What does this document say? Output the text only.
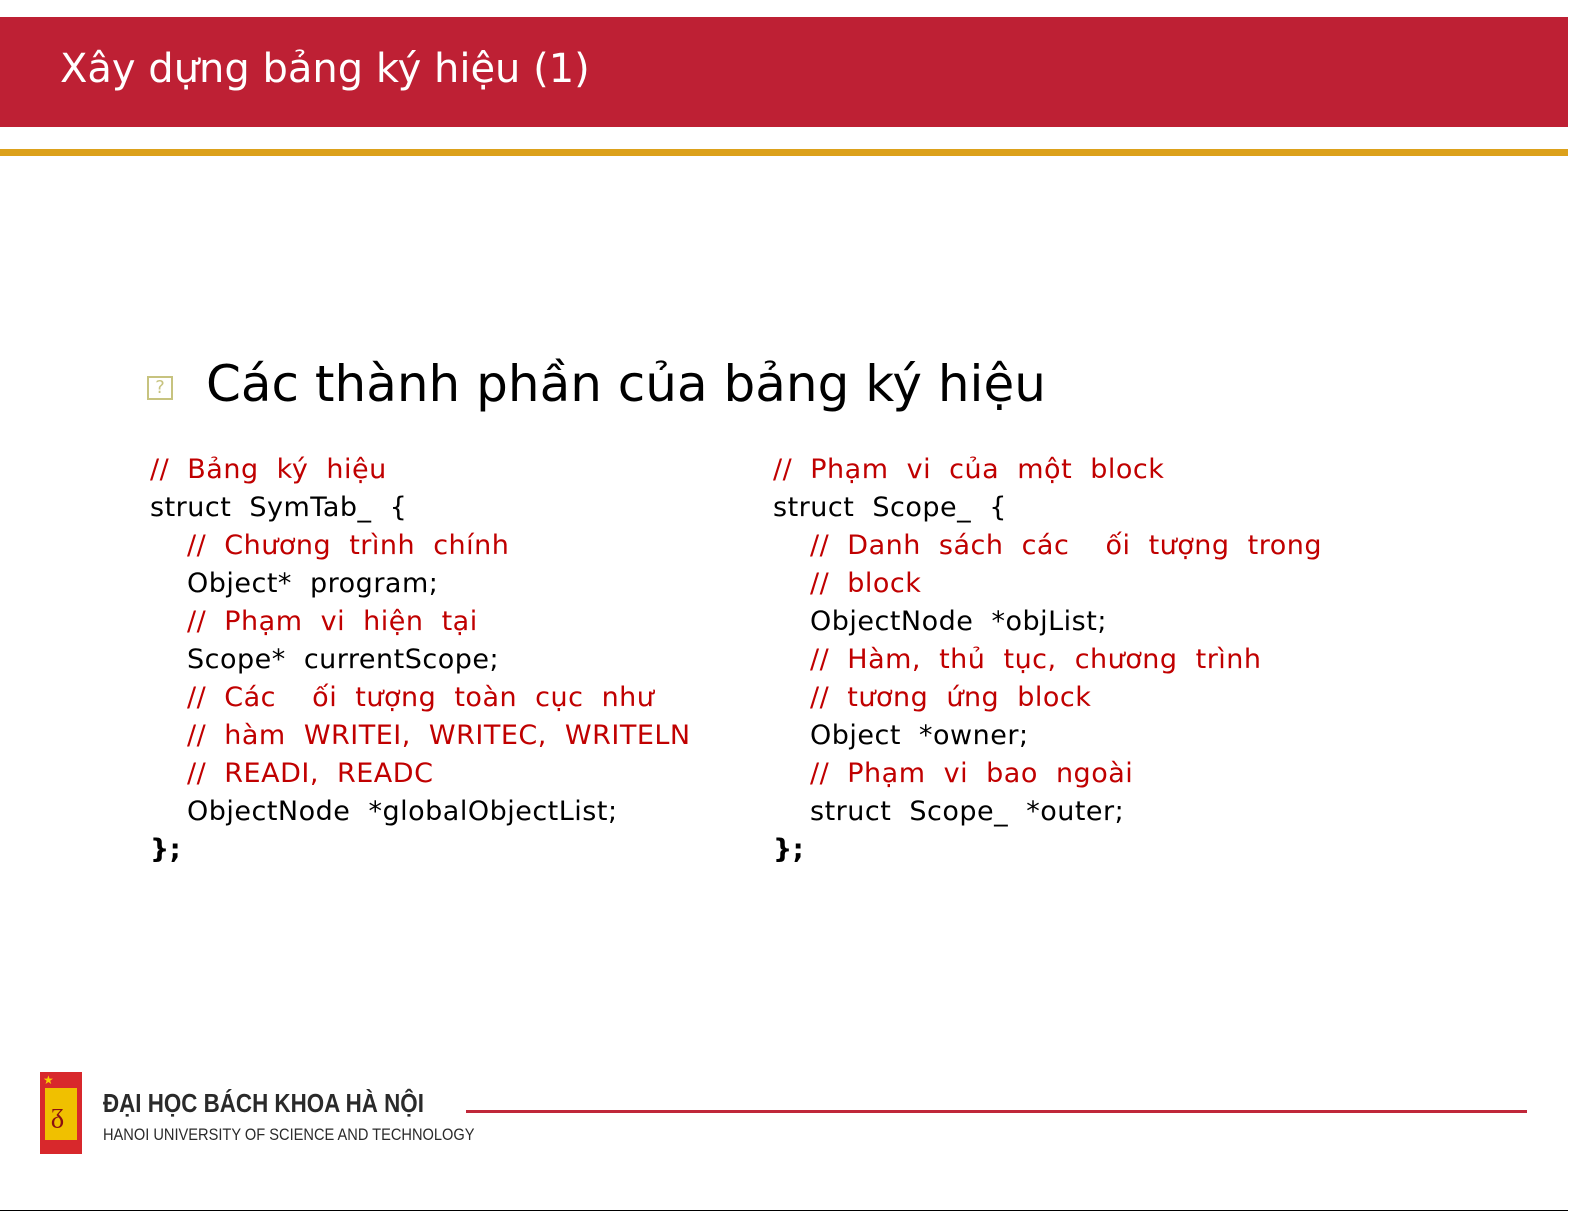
Xây dựng bảng ký hiệu (1)
? Các thành phần của bảng ký hiệu
// Bảng ký hiệu
struct SymTab_ {
// Chương trình chính
Object* program;
// Phạm vi hiện tại
Scope* currentScope;
// Các  ối tượng toàn cục như
// hàm WRITEI, WRITEC, WRITELN
// READI, READC
ObjectNode *globalObjectList;
};
// Phạm vi của một block
struct Scope_ {
// Danh sách các  ối tượng trong
// block
ObjectNode *objList;
// Hàm, thủ tục, chương trình
// tương ứng block
Object *owner;
// Phạm vi bao ngoài
struct Scope_ *outer;
};
★
ᵹ ĐẠI HỌC BÁCH KHOA HÀ NỘI
HANOI UNIVERSITY OF SCIENCE AND TECHNOLOGY
